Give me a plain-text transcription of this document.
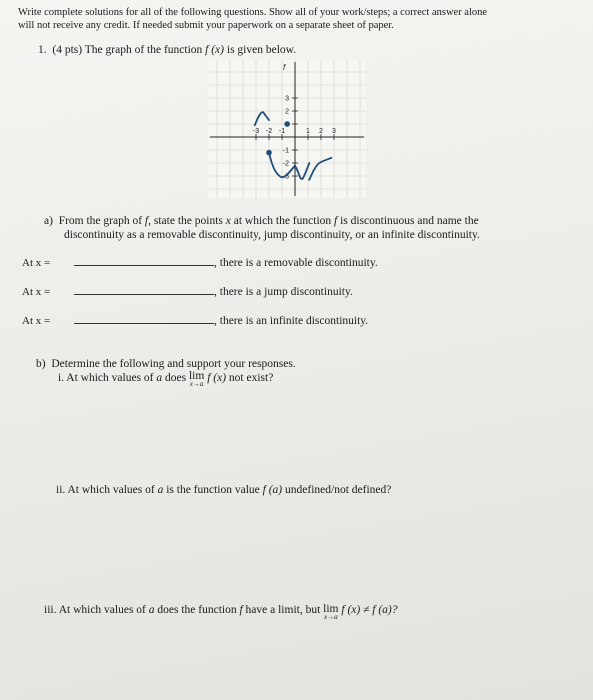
Write complete solutions for all of the following questions. Show all of your work/steps; a correct answer alone
will not receive any credit. If needed submit your paperwork on a separate sheet of paper.
1. (4 pts) The graph of the function f (x) is given below.
f
-3 -2 -1	1 2 3
3
2
-1
-2
-3
a) From the graph of f, state the points x at which the function f is discontinuous and name the
discontinuity as a removable discontinuity, jump discontinuity, or an infinite discontinuity.
At x =	, there is a removable discontinuity.
At x =	, there is a jump discontinuity.
At x =	, there is an infinite discontinuity.
b) Determine the following and support your responses.
i. At which values of a does lim
x→a f (x) not exist?
ii. At which values of a is the function value f (a) undefined/not defined?
iii. At which values of a does the function f have a limit, but lim
x→a
f (x) ≠ f (a)?
